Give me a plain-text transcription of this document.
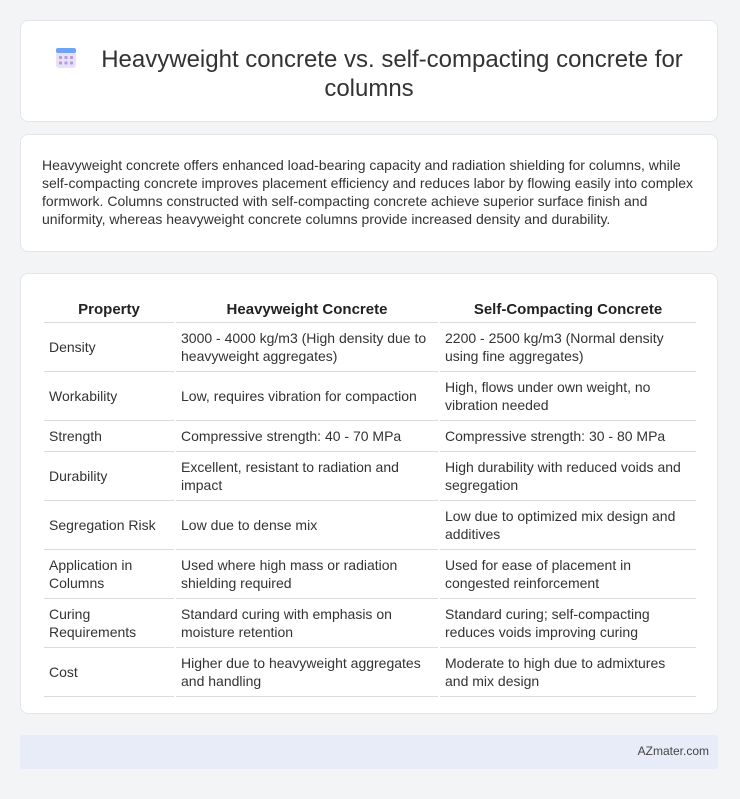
Heavyweight concrete vs. self-compacting concrete for columns
Heavyweight concrete offers enhanced load-bearing capacity and radiation shielding for columns, while self-compacting concrete improves placement efficiency and reduces labor by flowing easily into complex formwork. Columns constructed with self-compacting concrete achieve superior surface finish and uniformity, whereas heavyweight concrete columns provide increased density and durability.
Property	Heavyweight Concrete	Self-Compacting Concrete
Density	3000 - 4000 kg/m3 (High density due to heavyweight aggregates)	2200 - 2500 kg/m3 (Normal density using fine aggregates)
Workability	Low, requires vibration for compaction	High, flows under own weight, no vibration needed
Strength	Compressive strength: 40 - 70 MPa	Compressive strength: 30 - 80 MPa
Durability	Excellent, resistant to radiation and impact	High durability with reduced voids and segregation
Segregation Risk	Low due to dense mix	Low due to optimized mix design and additives
Application in Columns	Used where high mass or radiation shielding required	Used for ease of placement in congested reinforcement
Curing Requirements	Standard curing with emphasis on moisture retention	Standard curing; self-compacting reduces voids improving curing
Cost	Higher due to heavyweight aggregates and handling	Moderate to high due to admixtures and mix design
AZmater.com
